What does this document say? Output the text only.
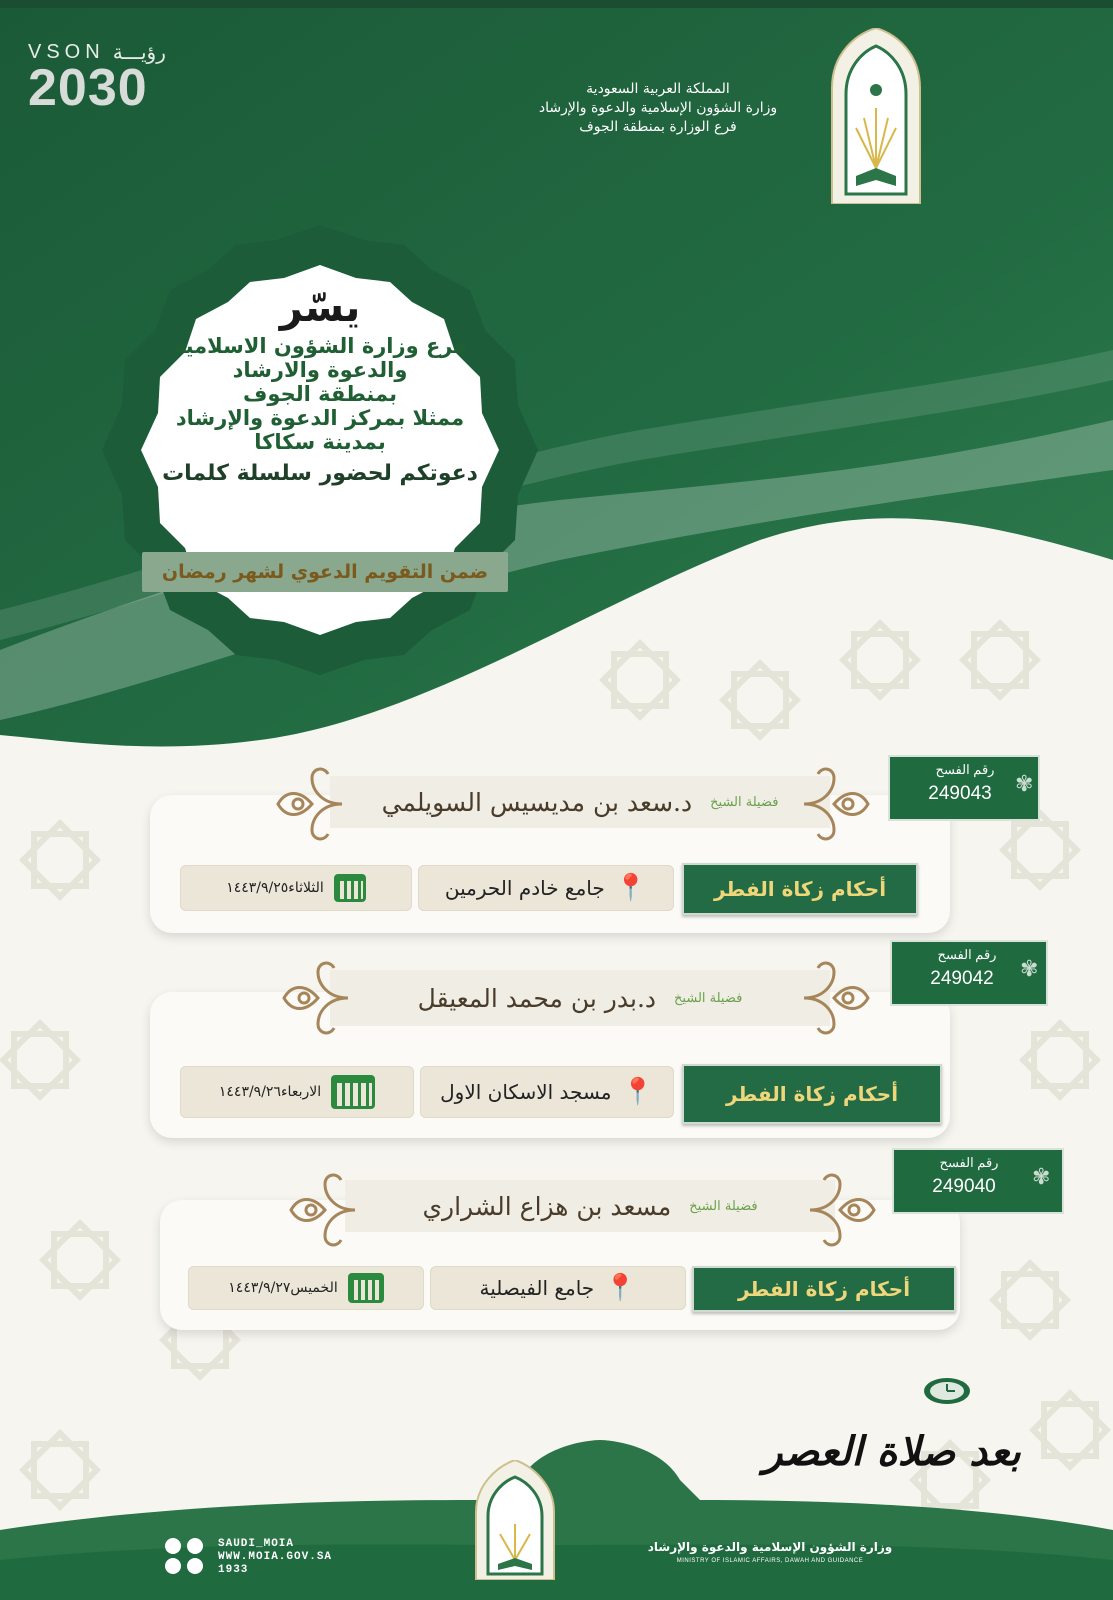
المملكة العربية السعودية
وزارة الشؤون الإسلامية والدعوة والإرشاد
فرع الوزارة بمنطقة الجوف
VSON رؤيـــة
2030
يسّر
فرع وزارة الشؤون الاسلاميه
والدعوة والارشاد
بمنطقة الجوف
ممثلا بمركز الدعوة والإرشاد
بمدينة سكاكا
دعوتكم لحضور سلسلة كلمات
ضمن التقويم الدعوي لشهر رمضان
فضيلة الشيخ
د.سعد بن مديسيس السويلمي
رقم الفسح
249043	✾
أحكام زكاة الفطر
📍
جامع خادم الحرمين
الثلاثاء١٤٤٣/٩/٢٥
فضيلة الشيخ
د.بدر بن محمد المعيقل
رقم الفسح
249042	✾
أحكام زكاة الفطر
📍
مسجد الاسكان الاول
الاربعاء١٤٤٣/٩/٢٦
فضيلة الشيخ
مسعد بن هزاع الشراري
رقم الفسح
249040	✾
أحكام زكاة الفطر
📍
جامع الفيصلية
الخميس١٤٤٣/٩/٢٧
بعد صلاة العصر
SAUDI_MOIA
WWW.MOIA.GOV.SA
1933
وزارة الشؤون الإسلامية والدعوة والإرشاد
MINISTRY OF ISLAMIC AFFAIRS, DAWAH AND GUIDANCE
